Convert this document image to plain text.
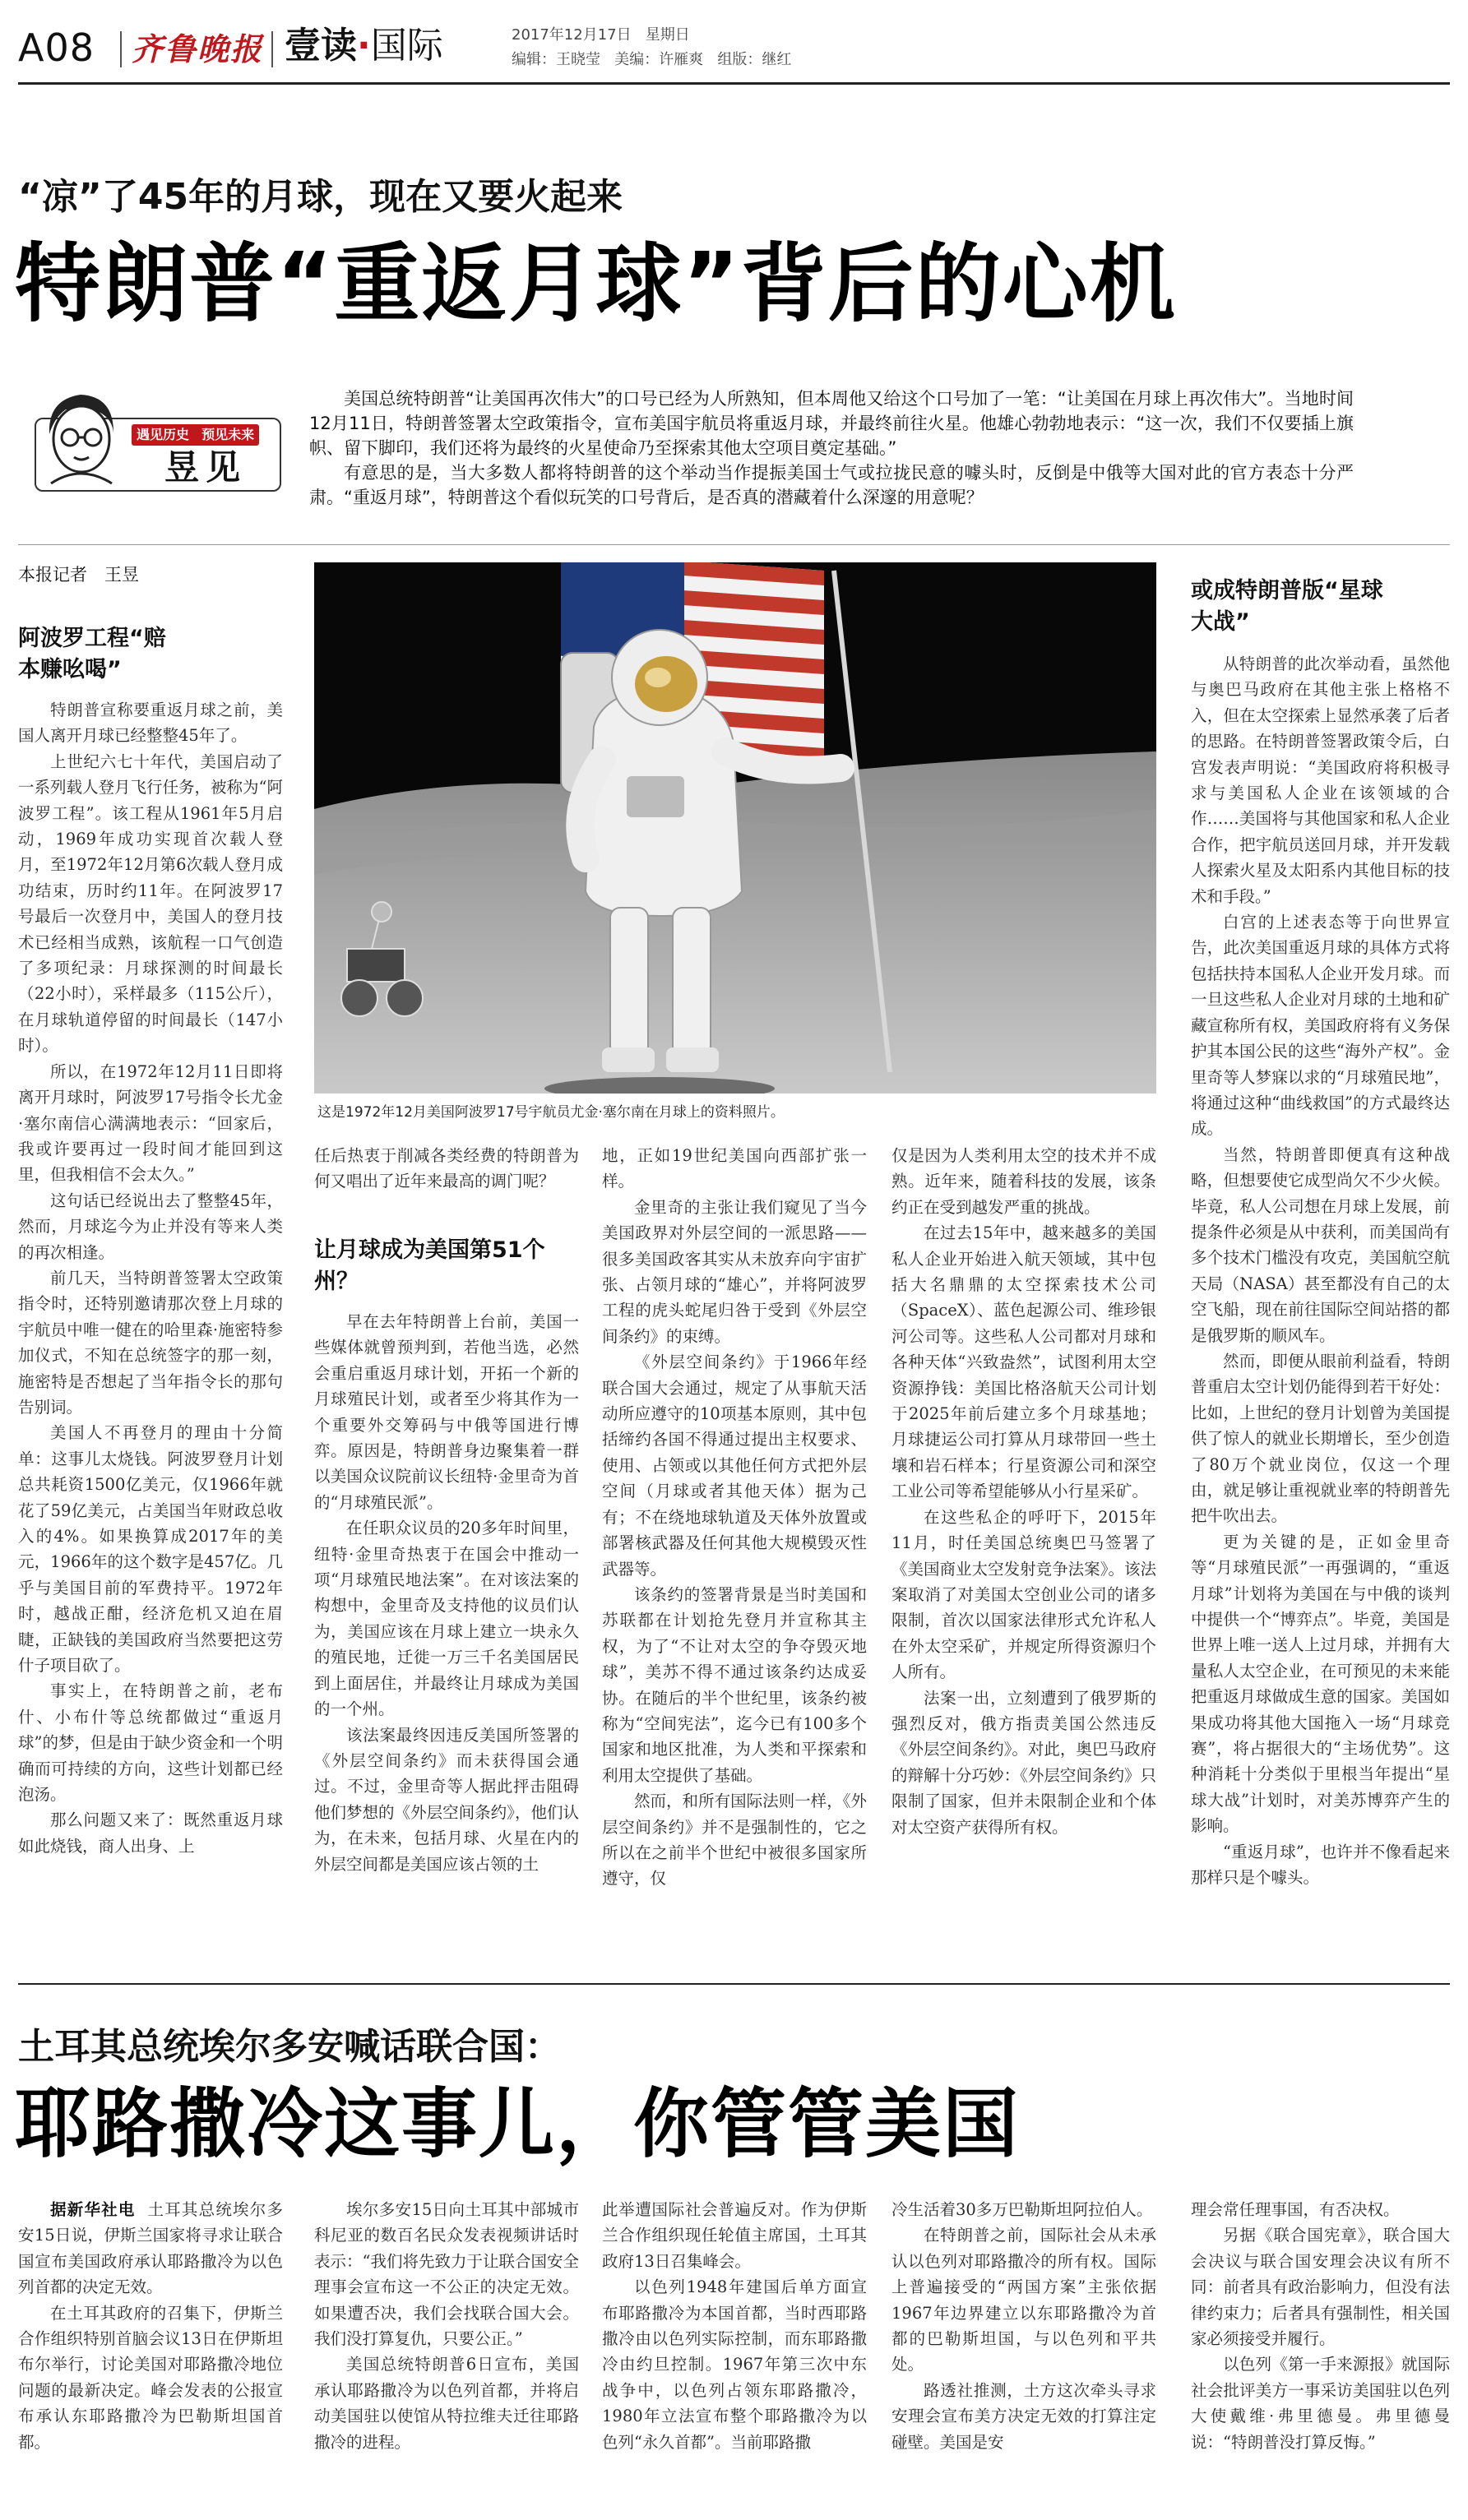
A08 齐鲁晚报 壹读·国际	2017年12月17日 星期日
编辑：王晓莹 美编：许雁爽 组版：继红
“凉”了45年的月球，现在又要火起来
特朗普“重返月球”背后的心机
遇见历史 预见未来
昱见

美国总统特朗普“让美国再次伟大”的口号已经为人所熟知，但本周他又给这个口号加了一笔：“让美国在月球上再次伟大”。当地时间12月11日，特朗普签署太空政策指令，宣布美国宇航员将重返月球，并最终前往火星。他雄心勃勃地表示：“这一次，我们不仅要插上旗帜、留下脚印，我们还将为最终的火星使命乃至探索其他太空项目奠定基础。”

有意思的是，当大多数人都将特朗普的这个举动当作提振美国士气或拉拢民意的噱头时，反倒是中俄等大国对此的官方表态十分严肃。“重返月球”，特朗普这个看似玩笑的口号背后，是否真的潜藏着什么深邃的用意呢？

本报记者　王昱
阿波罗工程“赔本赚吆喝”

特朗普宣称要重返月球之前，美国人离开月球已经整整45年了。

上世纪六七十年代，美国启动了一系列载人登月飞行任务，被称为“阿波罗工程”。该工程从1961年5月启动，1969年成功实现首次载人登月，至1972年12月第6次载人登月成功结束，历时约11年。在阿波罗17号最后一次登月中，美国人的登月技术已经相当成熟，该航程一口气创造了多项纪录：月球探测的时间最长（22小时），采样最多（115公斤），在月球轨道停留的时间最长（147小时）。

所以，在1972年12月11日即将离开月球时，阿波罗17号指令长尤金·塞尔南信心满满地表示：“回家后，我或许要再过一段时间才能回到这里，但我相信不会太久。”

这句话已经说出去了整整45年，然而，月球迄今为止并没有等来人类的再次相逢。

前几天，当特朗普签署太空政策指令时，还特别邀请那次登上月球的宇航员中唯一健在的哈里森·施密特参加仪式，不知在总统签字的那一刻，施密特是否想起了当年指令长的那句告别词。

美国人不再登月的理由十分简单：这事儿太烧钱。阿波罗登月计划总共耗资1500亿美元，仅1966年就花了59亿美元，占美国当年财政总收入的4%。如果换算成2017年的美元，1966年的这个数字是457亿。几乎与美国目前的军费持平。1972年时，越战正酣，经济危机又迫在眉睫，正缺钱的美国政府当然要把这劳什子项目砍了。

事实上，在特朗普之前，老布什、小布什等总统都做过“重返月球”的梦，但是由于缺少资金和一个明确而可持续的方向，这些计划都已经泡汤。

那么问题又来了：既然重返月球如此烧钱，商人出身、上

这是1972年12月美国阿波罗17号宇航员尤金·塞尔南在月球上的资料照片。

任后热衷于削减各类经费的特朗普为何又唱出了近年来最高的调门呢？

让月球成为美国第51个州？

早在去年特朗普上台前，美国一些媒体就曾预判到，若他当选，必然会重启重返月球计划，开拓一个新的月球殖民计划，或者至少将其作为一个重要外交筹码与中俄等国进行博弈。原因是，特朗普身边聚集着一群以美国众议院前议长纽特·金里奇为首的“月球殖民派”。

在任职众议员的20多年时间里，纽特·金里奇热衷于在国会中推动一项“月球殖民地法案”。在对该法案的构想中，金里奇及支持他的议员们认为，美国应该在月球上建立一块永久的殖民地，迁徙一万三千名美国居民到上面居住，并最终让月球成为美国的一个州。

该法案最终因违反美国所签署的《外层空间条约》而未获得国会通过。不过，金里奇等人据此抨击阻碍他们梦想的《外层空间条约》，他们认为，在未来，包括月球、火星在内的外层空间都是美国应该占领的土

地，正如19世纪美国向西部扩张一样。

金里奇的主张让我们窥见了当今美国政界对外层空间的一派思路——很多美国政客其实从未放弃向宇宙扩张、占领月球的“雄心”，并将阿波罗工程的虎头蛇尾归咎于受到《外层空间条约》的束缚。

《外层空间条约》于1966年经联合国大会通过，规定了从事航天活动所应遵守的10项基本原则，其中包括缔约各国不得通过提出主权要求、使用、占领或以其他任何方式把外层空间（月球或者其他天体）据为己有；不在绕地球轨道及天体外放置或部署核武器及任何其他大规模毁灭性武器等。

该条约的签署背景是当时美国和苏联都在计划抢先登月并宣称其主权，为了“不让对太空的争夺毁灭地球”，美苏不得不通过该条约达成妥协。在随后的半个世纪里，该条约被称为“空间宪法”，迄今已有100多个国家和地区批准，为人类和平探索和利用太空提供了基础。

然而，和所有国际法则一样，《外层空间条约》并不是强制性的，它之所以在之前半个世纪中被很多国家所遵守，仅

仅是因为人类利用太空的技术并不成熟。近年来，随着科技的发展，该条约正在受到越发严重的挑战。

在过去15年中，越来越多的美国私人企业开始进入航天领域，其中包括大名鼎鼎的太空探索技术公司（SpaceX）、蓝色起源公司、维珍银河公司等。这些私人公司都对月球和各种天体“兴致盎然”，试图利用太空资源挣钱：美国比格洛航天公司计划于2025年前后建立多个月球基地；月球捷运公司打算从月球带回一些土壤和岩石样本；行星资源公司和深空工业公司等希望能够从小行星采矿。

在这些私企的呼吁下，2015年11月，时任美国总统奥巴马签署了《美国商业太空发射竞争法案》。该法案取消了对美国太空创业公司的诸多限制，首次以国家法律形式允许私人在外太空采矿，并规定所得资源归个人所有。

法案一出，立刻遭到了俄罗斯的强烈反对，俄方指责美国公然违反《外层空间条约》。对此，奥巴马政府的辩解十分巧妙：《外层空间条约》只限制了国家，但并未限制企业和个体对太空资产获得所有权。

或成特朗普版“星球大战”

从特朗普的此次举动看，虽然他与奥巴马政府在其他主张上格格不入，但在太空探索上显然承袭了后者的思路。在特朗普签署政策令后，白宫发表声明说：“美国政府将积极寻求与美国私人企业在该领域的合作……美国将与其他国家和私人企业合作，把宇航员送回月球，并开发载人探索火星及太阳系内其他目标的技术和手段。”

白宫的上述表态等于向世界宣告，此次美国重返月球的具体方式将包括扶持本国私人企业开发月球。而一旦这些私人企业对月球的土地和矿藏宣称所有权，美国政府将有义务保护其本国公民的这些“海外产权”。金里奇等人梦寐以求的“月球殖民地”，将通过这种“曲线救国”的方式最终达成。

当然，特朗普即便真有这种战略，但想要使它成型尚欠不少火候。毕竟，私人公司想在月球上发展，前提条件必须是从中获利，而美国尚有多个技术门槛没有攻克，美国航空航天局（NASA）甚至都没有自己的太空飞船，现在前往国际空间站搭的都是俄罗斯的顺风车。

然而，即便从眼前利益看，特朗普重启太空计划仍能得到若干好处：比如，上世纪的登月计划曾为美国提供了惊人的就业长期增长，至少创造了80万个就业岗位，仅这一个理由，就足够让重视就业率的特朗普先把牛吹出去。

更为关键的是，正如金里奇等“月球殖民派”一再强调的，“重返月球”计划将为美国在与中俄的谈判中提供一个“博弈点”。毕竟，美国是世界上唯一送人上过月球，并拥有大量私人太空企业，在可预见的未来能把重返月球做成生意的国家。美国如果成功将其他大国拖入一场“月球竞赛”，将占据很大的“主场优势”。这种消耗十分类似于里根当年提出“星球大战”计划时，对美苏博弈产生的影响。

“重返月球”，也许并不像看起来那样只是个噱头。

土耳其总统埃尔多安喊话联合国：
耶路撒冷这事儿，你管管美国

据新华社电 土耳其总统埃尔多安15日说，伊斯兰国家将寻求让联合国宣布美国政府承认耶路撒冷为以色列首都的决定无效。

在土耳其政府的召集下，伊斯兰合作组织特别首脑会议13日在伊斯坦布尔举行，讨论美国对耶路撒冷地位问题的最新决定。峰会发表的公报宣布承认东耶路撒冷为巴勒斯坦国首都。

埃尔多安15日向土耳其中部城市科尼亚的数百名民众发表视频讲话时表示：“我们将先致力于让联合国安全理事会宣布这一不公正的决定无效。如果遭否决，我们会找联合国大会。我们没打算复仇，只要公正。”

美国总统特朗普6日宣布，美国承认耶路撒冷为以色列首都，并将启动美国驻以使馆从特拉维夫迁往耶路撒冷的进程。

此举遭国际社会普遍反对。作为伊斯兰合作组织现任轮值主席国，土耳其政府13日召集峰会。

以色列1948年建国后单方面宣布耶路撒冷为本国首都，当时西耶路撒冷由以色列实际控制，而东耶路撒冷由约旦控制。1967年第三次中东战争中，以色列占领东耶路撒冷，1980年立法宣布整个耶路撒冷为以色列“永久首都”。当前耶路撒

冷生活着30多万巴勒斯坦阿拉伯人。

在特朗普之前，国际社会从未承认以色列对耶路撒冷的所有权。国际上普遍接受的“两国方案”主张依据1967年边界建立以东耶路撒冷为首都的巴勒斯坦国，与以色列和平共处。

路透社推测，土方这次牵头寻求安理会宣布美方决定无效的打算注定碰壁。美国是安

理会常任理事国，有否决权。

另据《联合国宪章》，联合国大会决议与联合国安理会决议有所不同：前者具有政治影响力，但没有法律约束力；后者具有强制性，相关国家必须接受并履行。

以色列《第一手来源报》就国际社会批评美方一事采访美国驻以色列大使戴维·弗里德曼。弗里德曼说：“特朗普没打算反悔。”
